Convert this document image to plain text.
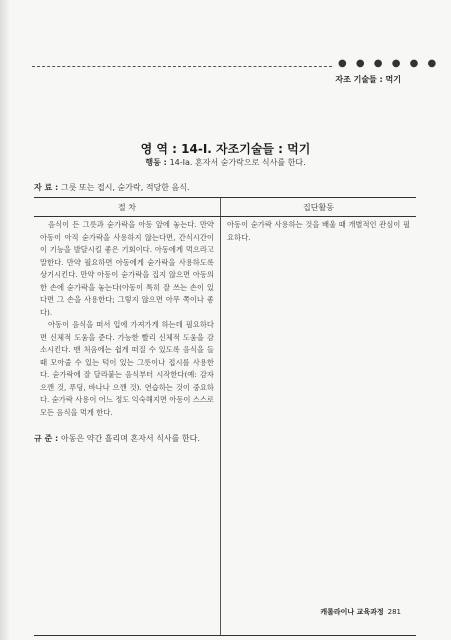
● ● ● ● ● ●
자조 기술들 : 먹기
영 역 : 14-Ⅰ. 자조기술들 : 먹기
행동 : 14-Ⅰa. 혼자서 숟가락으로 식사를 한다.
자 료 : 그릇 또는 접시, 숟가락, 적당한 음식.
절 차	집단활동

음식이 든 그릇과 숟가락을 아동 앞에 놓는다. 만약 아동이 아직 숟가락을 사용하지 않는다면, 간식시간이 이 기능을 발달시킬 좋은 기회이다. 아동에게 먹으라고 말한다. 만약 필요하면 아동에게 숟가락을 사용하도록 상기시킨다. 만약 아동이 숟가락을 집지 않으면 아동의 한 손에 숟가락을 놓는다(아동이 특히 잘 쓰는 손이 있다면 그 손을 사용한다; 그렇지 않으면 아무 쪽이나 좋다).

아동이 음식을 떠서 입에 가져가게 하는데 필요하다면 신체적 도움을 준다. 가능한 빨리 신체적 도움을 감소시킨다. 맨 처음에는 쉽게 떠질 수 있도록 음식을 들 때 모아줄 수 있는 턱이 있는 그릇이나 접시를 사용한다. 숟가락에 잘 달라붙는 음식부터 시작한다(예: 감자으깬 것, 푸딩, 바나나 으깬 것). 연습하는 것이 중요하다. 숟가락 사용이 어느 정도 익숙해지면 아동이 스스로 모든 음식을 먹게 한다.	아동이 숟가락 사용하는 것을 배울 때 개별적인 관심이 필요하다.
규 준 : 아동은 약간 흘리며 혼자서 식사를 한다.
캐롤라이나 교육과정 281
